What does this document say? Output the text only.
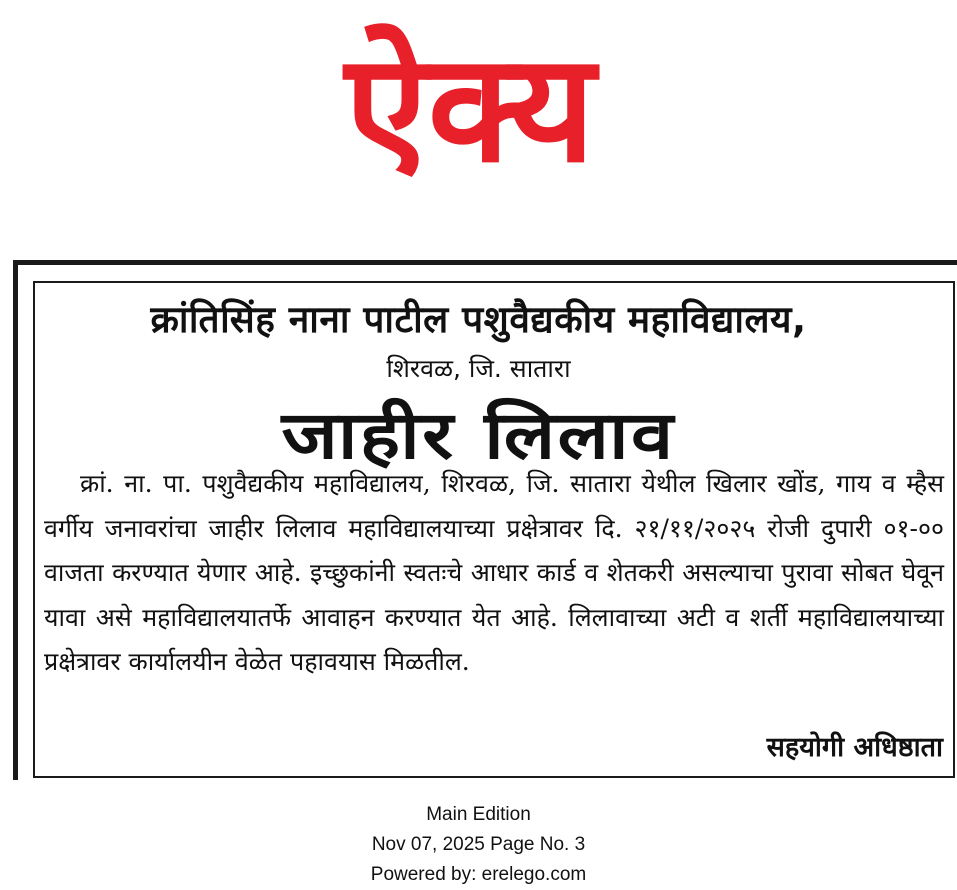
ऐक्य
क्रांतिसिंह नाना पाटील पशुवैद्यकीय महाविद्यालय,
शिरवळ, जि. सातारा
जाहीर लिलाव
क्रां. ना. पा. पशुवैद्यकीय महाविद्यालय, शिरवळ, जि. सातारा येथील खिलार खोंड, गाय व म्हैस वर्गीय जनावरांचा जाहीर लिलाव महाविद्यालयाच्या प्रक्षेत्रावर दि. २१/११/२०२५ रोजी दुपारी ०१-०० वाजता करण्यात येणार आहे. इच्छुकांनी स्वतःचे आधार कार्ड व शेतकरी असल्याचा पुरावा सोबत घेवून यावा असे महाविद्यालयातर्फे आवाहन करण्यात येत आहे. लिलावाच्या अटी व शर्ती महाविद्यालयाच्या प्रक्षेत्रावर कार्यालयीन वेळेत पहावयास मिळतील.
सहयोगी अधिष्ठाता
Main Edition
Nov 07, 2025 Page No. 3
Powered by: erelego.com
